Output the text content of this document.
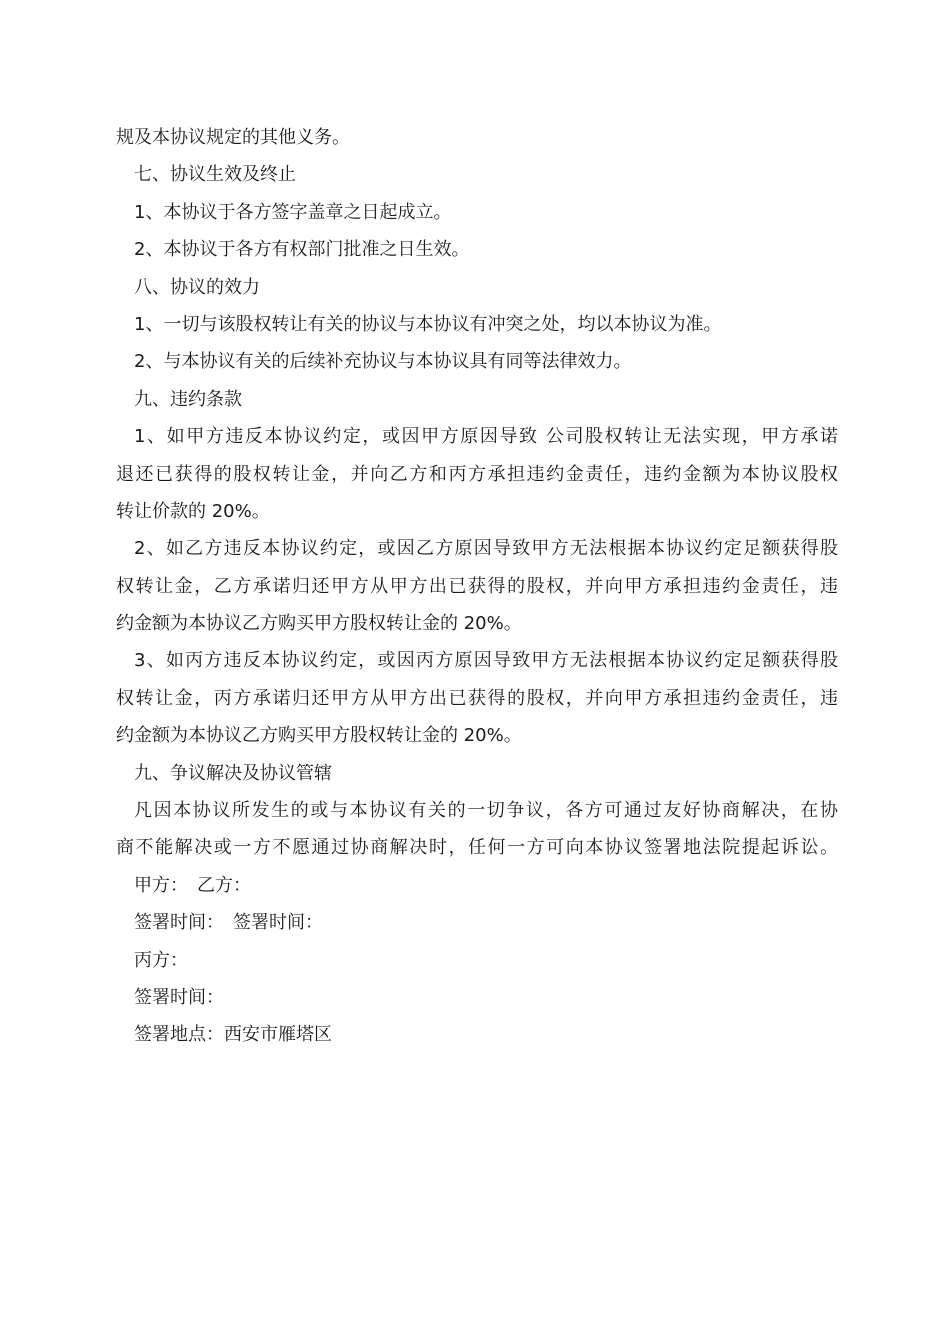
规及本协议规定的其他义务。
七、协议生效及终止
1、本协议于各方签字盖章之日起成立。
2、本协议于各方有权部门批准之日生效。
八、协议的效力
1、一切与该股权转让有关的协议与本协议有冲突之处，均以本协议为准。
2、与本协议有关的后续补充协议与本协议具有同等法律效力。
九、违约条款
1、如甲方违反本协议约定，或因甲方原因导致 公司股权转让无法实现，甲方承诺
退还已获得的股权转让金，并向乙方和丙方承担违约金责任，违约金额为本协议股权
转让价款的 20%。
2、如乙方违反本协议约定，或因乙方原因导致甲方无法根据本协议约定足额获得股
权转让金，乙方承诺归还甲方从甲方出已获得的股权，并向甲方承担违约金责任，违
约金额为本协议乙方购买甲方股权转让金的 20%。
3、如丙方违反本协议约定，或因丙方原因导致甲方无法根据本协议约定足额获得股
权转让金，丙方承诺归还甲方从甲方出已获得的股权，并向甲方承担违约金责任，违
约金额为本协议乙方购买甲方股权转让金的 20%。
九、争议解决及协议管辖
凡因本协议所发生的或与本协议有关的一切争议，各方可通过友好协商解决，在协
商不能解决或一方不愿通过协商解决时，任何一方可向本协议签署地法院提起诉讼。
甲方：　乙方：
签署时间：　签署时间：
丙方：
签署时间：
签署地点：西安市雁塔区
